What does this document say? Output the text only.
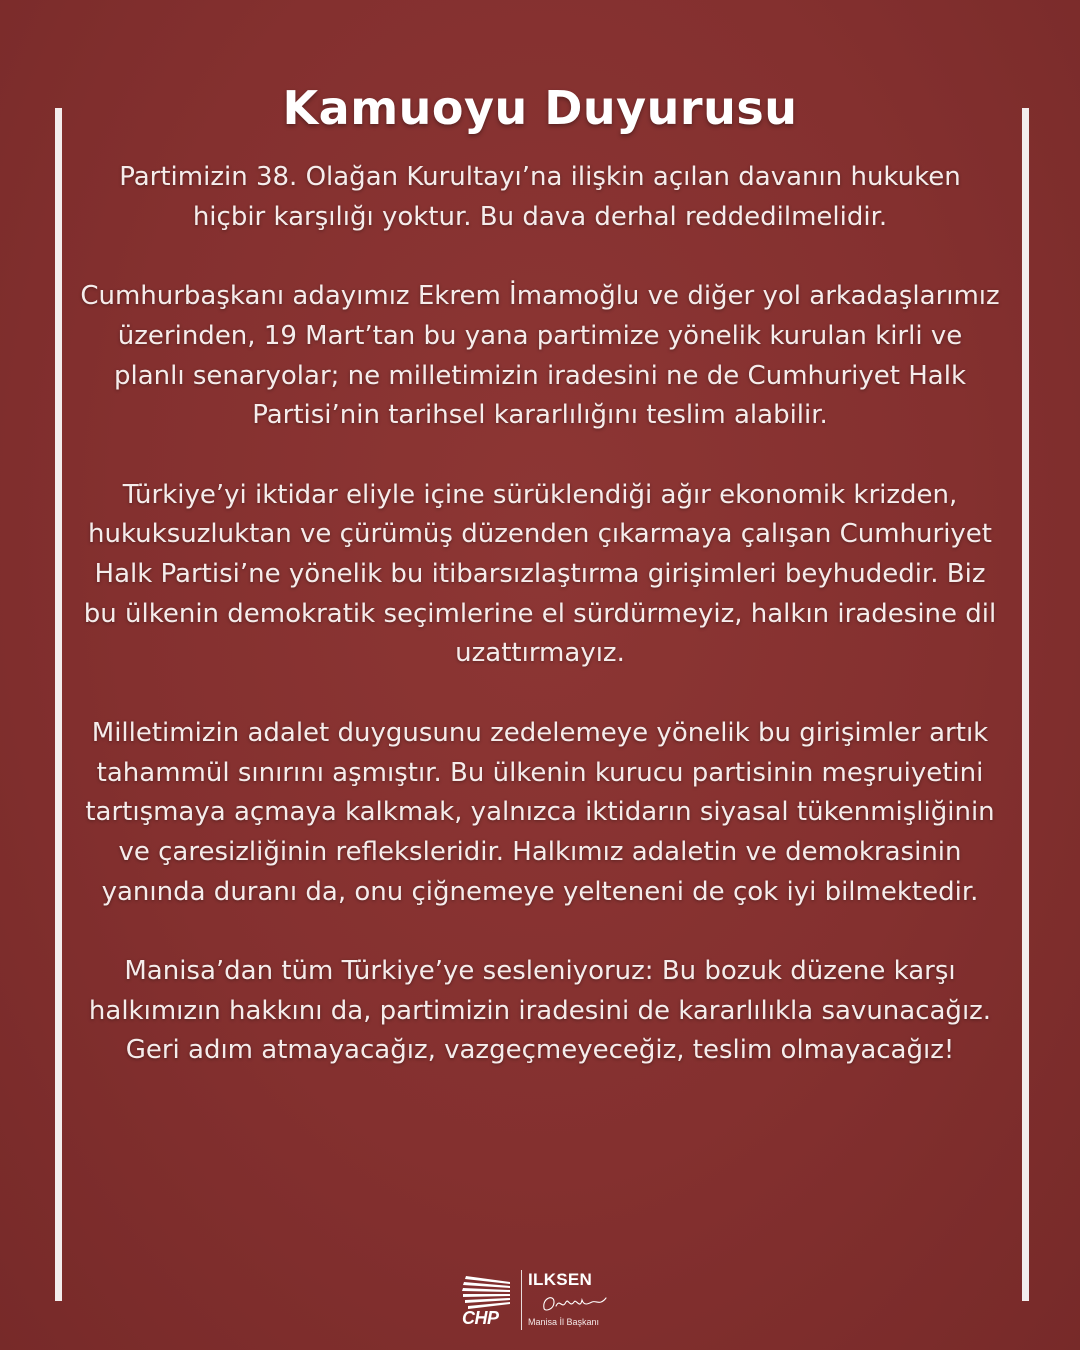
Kamuoyu Duyurusu

Partimizin 38. Olağan Kurultayı’na ilişkin açılan davanın hukuken hiçbir karşılığı yoktur. Bu dava derhal reddedilmelidir.

Cumhurbaşkanı adayımız Ekrem İmamoğlu ve diğer yol arkadaşlarımız üzerinden, 19 Mart’tan bu yana partimize yönelik kurulan kirli ve planlı senaryolar; ne milletimizin iradesini ne de Cumhuriyet Halk Partisi’nin tarihsel kararlılığını teslim alabilir.

Türkiye’yi iktidar eliyle içine sürüklendiği ağır ekonomik krizden, hukuksuzluktan ve çürümüş düzenden çıkarmaya çalışan Cumhuriyet Halk Partisi’ne yönelik bu itibarsızlaştırma girişimleri beyhudedir. Biz bu ülkenin demokratik seçimlerine el sürdürmeyiz, halkın iradesine dil uzattırmayız.

Milletimizin adalet duygusunu zedelemeye yönelik bu girişimler artık tahammül sınırını aşmıştır. Bu ülkenin kurucu partisinin meşruiyetini tartışmaya açmaya kalkmak, yalnızca iktidarın siyasal tükenmişliğinin ve çaresizliğinin refleksleridir. Halkımız adaletin ve demokrasinin yanında duranı da, onu çiğnemeye yelteneni de çok iyi bilmektedir.

Manisa’dan tüm Türkiye’ye sesleniyoruz: Bu bozuk düzene karşı halkımızın hakkını da, partimizin iradesini de kararlılıkla savunacağız. Geri adım atmayacağız, vazgeçmeyeceğiz, teslim olmayacağız!

CHP
ILKSEN
Manisa İl Başkanı
